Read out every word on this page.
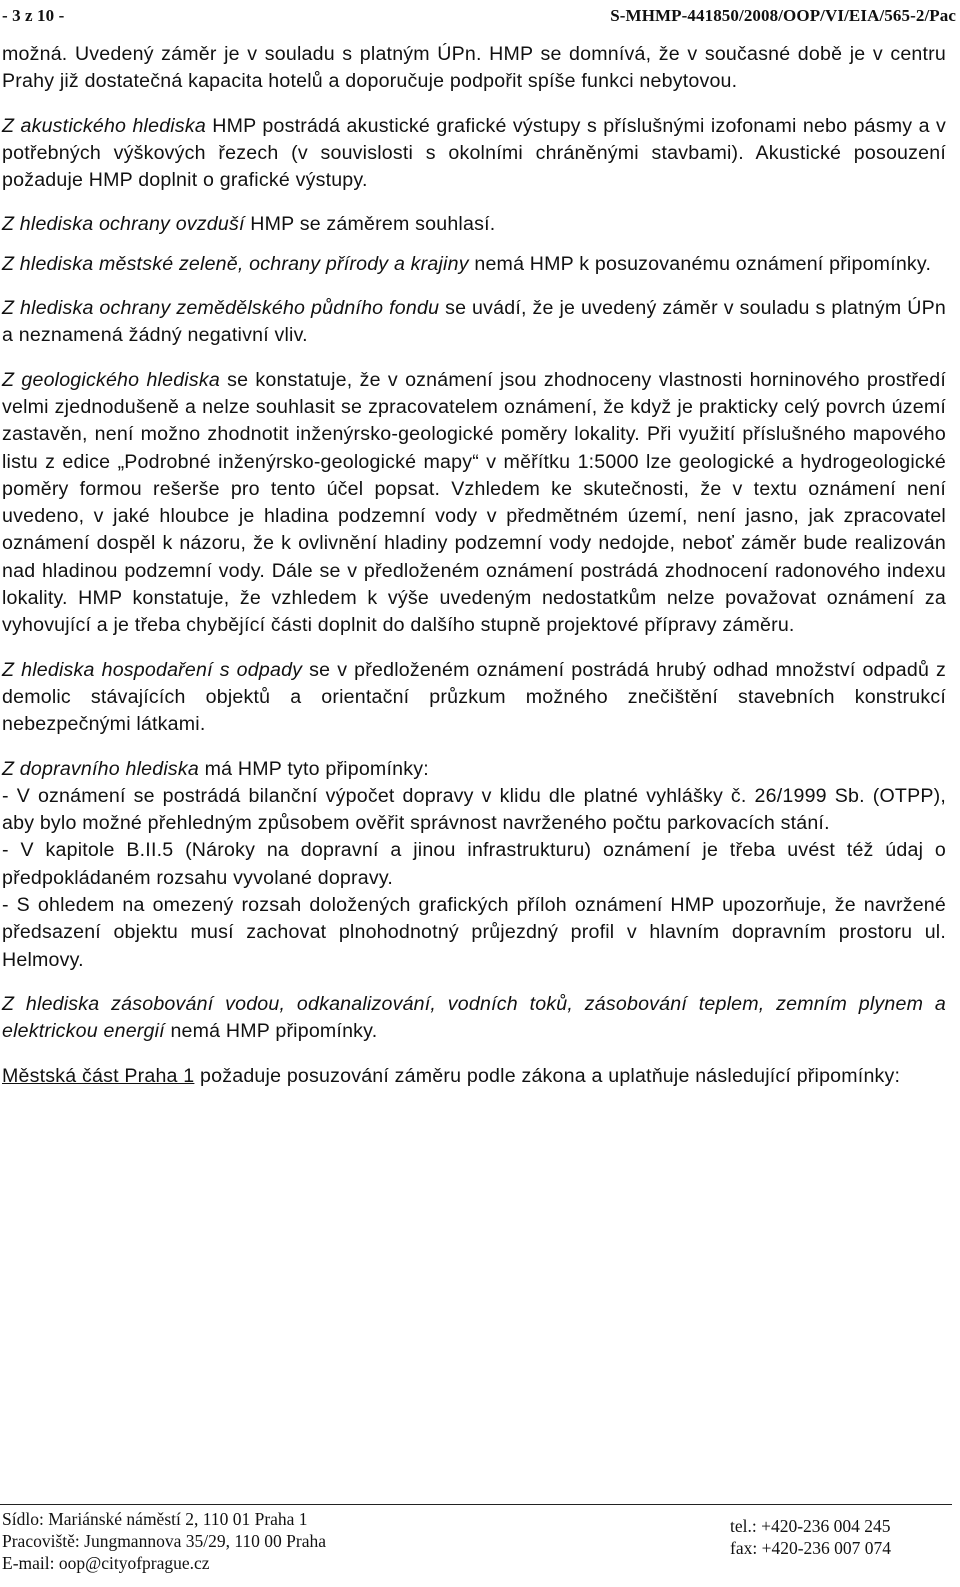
- 3 z 10 -	S-MHMP-441850/2008/OOP/VI/EIA/565-2/Pac

možná. Uvedený záměr je v souladu s platným ÚPn. HMP se domnívá, že v současné době je v centru Prahy již dostatečná kapacita hotelů a doporučuje podpořit spíše funkci nebytovou.

Z akustického hlediska HMP postrádá akustické grafické výstupy s příslušnými izofonami nebo pásmy a v potřebných výškových řezech (v souvislosti s okolními chráněnými stavbami). Akustické posouzení požaduje HMP doplnit o grafické výstupy.

Z hlediska ochrany ovzduší HMP se záměrem souhlasí.

Z hlediska městské zeleně, ochrany přírody a krajiny nemá HMP k posuzovanému oznámení připomínky.

Z hlediska ochrany zemědělského půdního fondu se uvádí, že je uvedený záměr v souladu s platným ÚPn a neznamená žádný negativní vliv.

Z geologického hlediska se konstatuje, že v oznámení jsou zhodnoceny vlastnosti horninového prostředí velmi zjednodušeně a nelze souhlasit se zpracovatelem oznámení, že když je prakticky celý povrch území zastavěn, není možno zhodnotit inženýrsko-geologické poměry lokality. Při využití příslušného mapového listu z edice „Podrobné inženýrsko-geologické mapy“ v měřítku 1:5000 lze geologické a hydrogeologické poměry formou rešerše pro tento účel popsat. Vzhledem ke skutečnosti, že v textu oznámení není uvedeno, v jaké hloubce je hladina podzemní vody v předmětném území, není jasno, jak zpracovatel oznámení dospěl k názoru, že k ovlivnění hladiny podzemní vody nedojde, neboť záměr bude realizován nad hladinou podzemní vody. Dále se v předloženém oznámení postrádá zhodnocení radonového indexu lokality. HMP konstatuje, že vzhledem k výše uvedeným nedostatkům nelze považovat oznámení za vyhovující a je třeba chybějící části doplnit do dalšího stupně projektové přípravy záměru.

Z hlediska hospodaření s odpady se v předloženém oznámení postrádá hrubý odhad množství odpadů z demolic stávajících objektů a orientační průzkum možného znečištění stavebních konstrukcí nebezpečnými látkami.

Z dopravního hlediska má HMP tyto připomínky:

- V oznámení se postrádá bilanční výpočet dopravy v klidu dle platné vyhlášky č. 26/1999 Sb. (OTPP), aby bylo možné přehledným způsobem ověřit správnost navrženého počtu parkovacích stání.

- V kapitole B.II.5 (Nároky na dopravní a jinou infrastrukturu) oznámení je třeba uvést též údaj o předpokládaném rozsahu vyvolané dopravy.

- S ohledem na omezený rozsah doložených grafických příloh oznámení HMP upozorňuje, že navržené předsazení objektu musí zachovat plnohodnotný průjezdný profil v hlavním dopravním prostoru ul. Helmovy.

Z hlediska zásobování vodou, odkanalizování, vodních toků, zásobování teplem, zemním plynem a elektrickou energií nemá HMP připomínky.

Městská část Praha 1 požaduje posuzování záměru podle zákona a uplatňuje následující připomínky:

Sídlo: Mariánské náměstí 2, 110 01 Praha 1
Pracoviště: Jungmannova 35/29, 110 00 Praha
E-mail: oop@cityofprague.cz
tel.: +420-236 004 245
fax: +420-236 007 074
